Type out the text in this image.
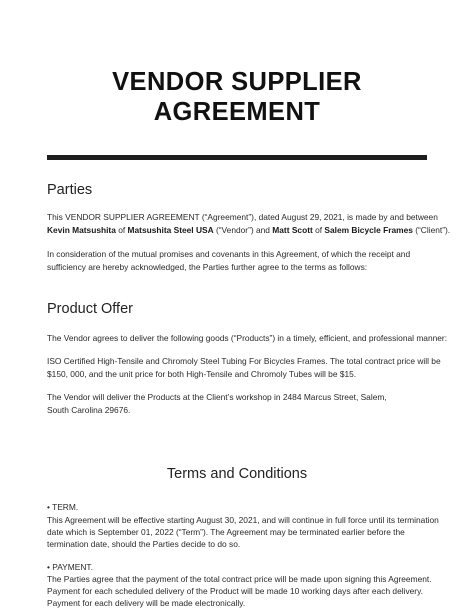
VENDOR SUPPLIER
AGREEMENT
Parties
This VENDOR SUPPLIER AGREEMENT (“Agreement”), dated August 29, 2021, is made by and between
Kevin Matsushita of Matsushita Steel USA (“Vendor”) and Matt Scott of Salem Bicycle Frames (“Client”).
In consideration of the mutual promises and covenants in this Agreement, of which the receipt and
sufficiency are hereby acknowledged, the Parties further agree to the terms as follows:
Product Offer
The Vendor agrees to deliver the following goods (“Products”) in a timely, efficient, and professional manner:
ISO Certified High-Tensile and Chromoly Steel Tubing For Bicycles Frames. The total contract price will be
$150, 000, and the unit price for both High-Tensile and Chromoly Tubes will be $15.
The Vendor will deliver the Products at the Client’s workshop in 2484 Marcus Street, Salem,
South Carolina 29676.
Terms and Conditions
• TERM.
This Agreement will be effective starting August 30, 2021, and will continue in full force until its termination
date which is September 01, 2022 (“Term”). The Agreement may be terminated earlier before the
termination date, should the Parties decide to do so.
• PAYMENT.
The Parties agree that the payment of the total contract price will be made upon signing this Agreement.
Payment for each scheduled delivery of the Product will be made 10 working days after each delivery.
Payment for each delivery will be made electronically.
